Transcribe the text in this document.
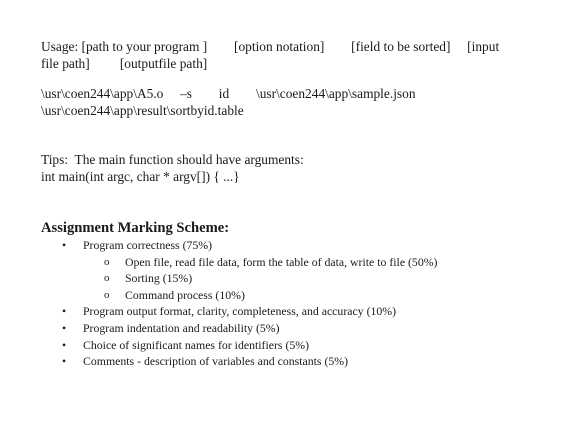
Usage: [path to your program ]        [option notation]        [field to be sorted]     [input

file path]         [outputfile path]

\usr\coen244\app\A5.o     –s        id        \usr\coen244\app\sample.json

\usr\coen244\app\result\sortbyid.table

Tips:  The main function should have arguments:

int main(int argc, char * argv[]) { ...}

Assignment Marking Scheme:

• Program correctness (75%)
o Open file, read file data, form the table of data, write to file (50%)
o Sorting (15%)
o Command process (10%)
• Program output format, clarity, completeness, and accuracy (10%)
• Program indentation and readability (5%)
• Choice of significant names for identifiers (5%)
• Comments - description of variables and constants (5%)
